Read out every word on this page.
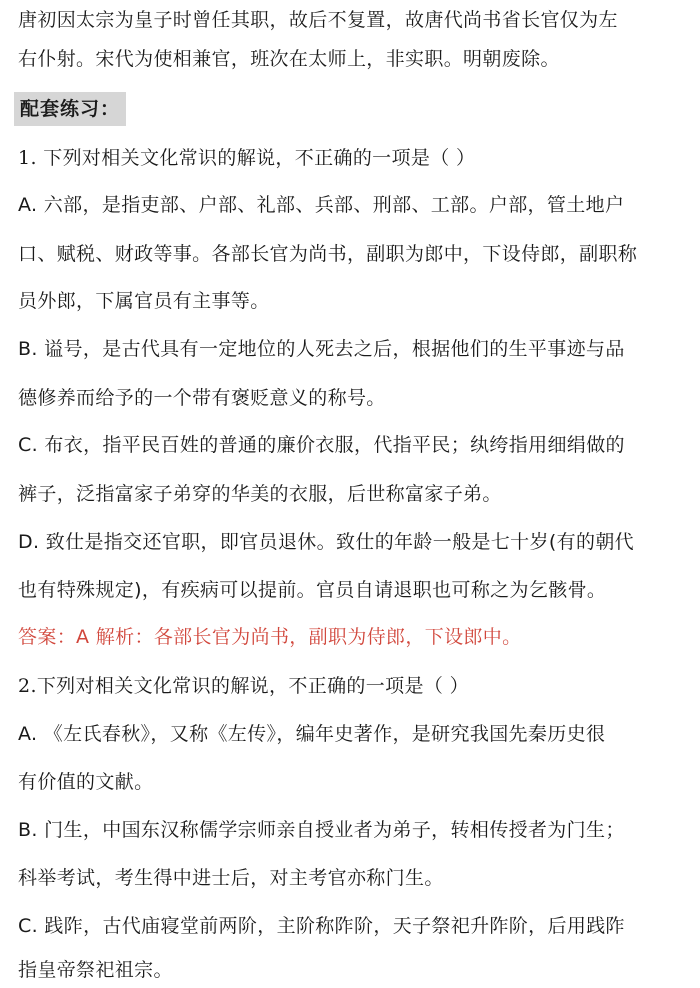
唐初因太宗为皇子时曾任其职，故后不复置，故唐代尚书省长官仅为左
右仆射。宋代为使相兼官，班次在太师上，非实职。明朝废除。
配套练习：
1. 下列对相关文化常识的解说，不正确的一项是（ ）
A. 六部，是指吏部、户部、礼部、兵部、刑部、工部。户部，管土地户
口、赋税、财政等事。各部长官为尚书，副职为郎中，下设侍郎，副职称
员外郎，下属官员有主事等。
B. 谥号，是古代具有一定地位的人死去之后，根据他们的生平事迹与品
德修养而给予的一个带有褒贬意义的称号。
C. 布衣，指平民百姓的普通的廉价衣服，代指平民；纨绔指用细绢做的
裤子，泛指富家子弟穿的华美的衣服，后世称富家子弟。
D. 致仕是指交还官职，即官员退休。致仕的年龄一般是七十岁(有的朝代
也有特殊规定)，有疾病可以提前。官员自请退职也可称之为乞骸骨。
答案：A 解析：各部长官为尚书，副职为侍郎，下设郎中。
2.下列对相关文化常识的解说，不正确的一项是（ ）
A. 《左氏春秋》，又称《左传》，编年史著作，是研究我国先秦历史很
有价值的文献。
B. 门生，中国东汉称儒学宗师亲自授业者为弟子，转相传授者为门生；
科举考试，考生得中进士后，对主考官亦称门生。
C. 践阼，古代庙寝堂前两阶，主阶称阼阶，天子祭祀升阼阶，后用践阼
指皇帝祭祀祖宗。
